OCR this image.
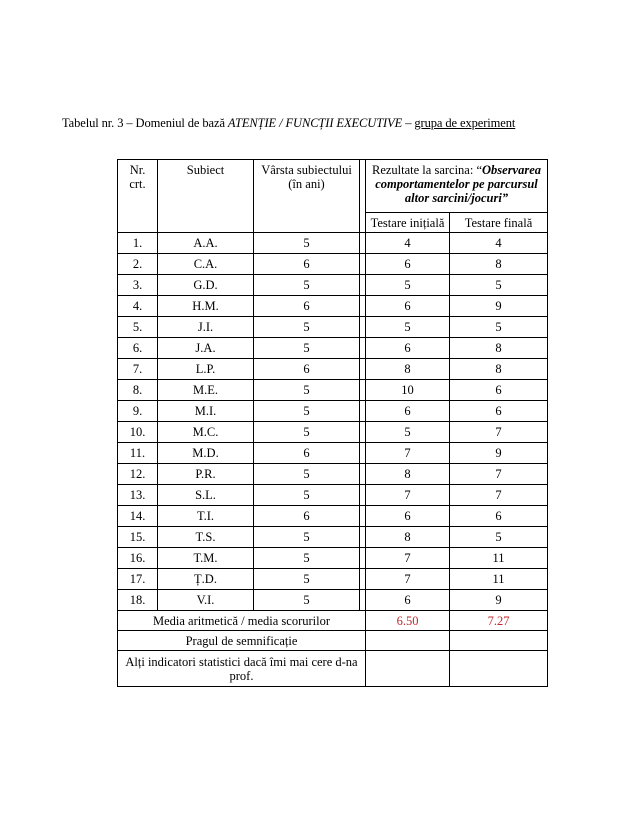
Tabelul nr. 3 – Domeniul de bază ATENȚIE / FUNCȚII EXECUTIVE – grupa de experiment
Nr. crt.	Subiect	Vârsta subiectului (în ani)		Rezultate la sarcina: “Observarea comportamentelor pe parcursul altor sarcini/jocuri”	
				Testare inițială	Testare finală
1.	A.A.	5		4	4
2.	C.A.	6		6	8
3.	G.D.	5		5	5
4.	H.M.	6		6	9
5.	J.I.	5		5	5
6.	J.A.	5		6	8
7.	L.P.	6		8	8
8.	M.E.	5		10	6
9.	M.I.	5		6	6
10.	M.C.	5		5	7
11.	M.D.	6		7	9
12.	P.R.	5		8	7
13.	S.L.	5		7	7
14.	T.I.	6		6	6
15.	T.S.	5		8	5
16.	T.M.	5		7	11
17.	Ț.D.	5		7	11
18.	V.I.	5		6	9
Media aritmetică / media scorurilor				6.50	7.27
Pragul de semnificație					
Alți indicatori statistici dacă îmi mai cere d-na prof.					
